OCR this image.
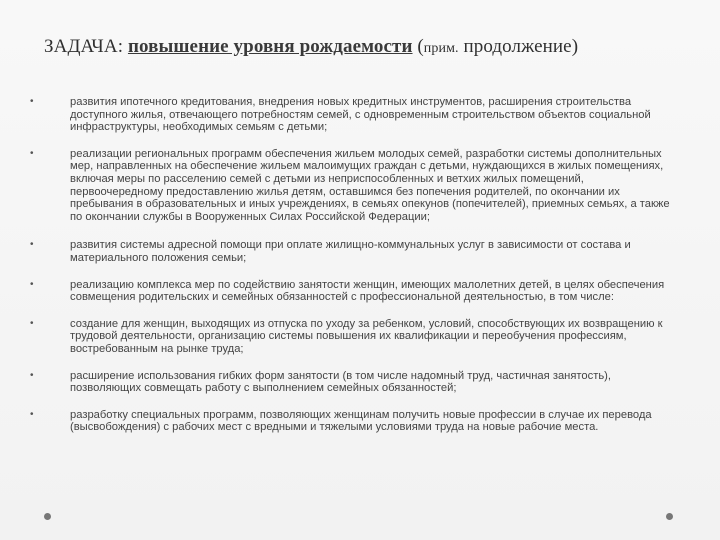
ЗАДАЧА: повышение уровня рождаемости (прим. продолжение)
•	развития ипотечного кредитования, внедрения новых кредитных инструментов, расширения строительства доступного жилья, отвечающего потребностям семей, с одновременным строительством объектов социальной инфраструктуры, необходимых семьям с детьми;
•	реализации региональных программ обеспечения жильем молодых семей, разработки системы дополнительных мер, направленных на обеспечение жильем малоимущих граждан с детьми, нуждающихся в жилых помещениях, включая меры по расселению семей с детьми из неприспособленных и ветхих жилых помещений, первоочередному предоставлению жилья детям, оставшимся без попечения родителей, по окончании их пребывания в образовательных и иных учреждениях, в семьях опекунов (попечителей), приемных семьях, а также по окончании службы в Вооруженных Силах Российской Федерации;
•	развития системы адресной помощи при оплате жилищно-коммунальных услуг в зависимости от состава и материального положения семьи;
•	реализацию комплекса мер по содействию занятости женщин, имеющих малолетних детей, в целях обеспечения совмещения родительских и семейных обязанностей с профессиональной деятельностью, в том числе:
•	создание для женщин, выходящих из отпуска по уходу за ребенком, условий, способствующих их возвращению к трудовой деятельности, организацию системы повышения их квалификации и переобучения профессиям, востребованным на рынке труда;
•	расширение использования гибких форм занятости (в том числе надомный труд, частичная занятость), позволяющих совмещать работу с выполнением семейных обязанностей;
•	разработку специальных программ, позволяющих женщинам получить новые профессии в случае их перевода (высвобождения) с рабочих мест с вредными и тяжелыми условиями труда на новые рабочие места.
